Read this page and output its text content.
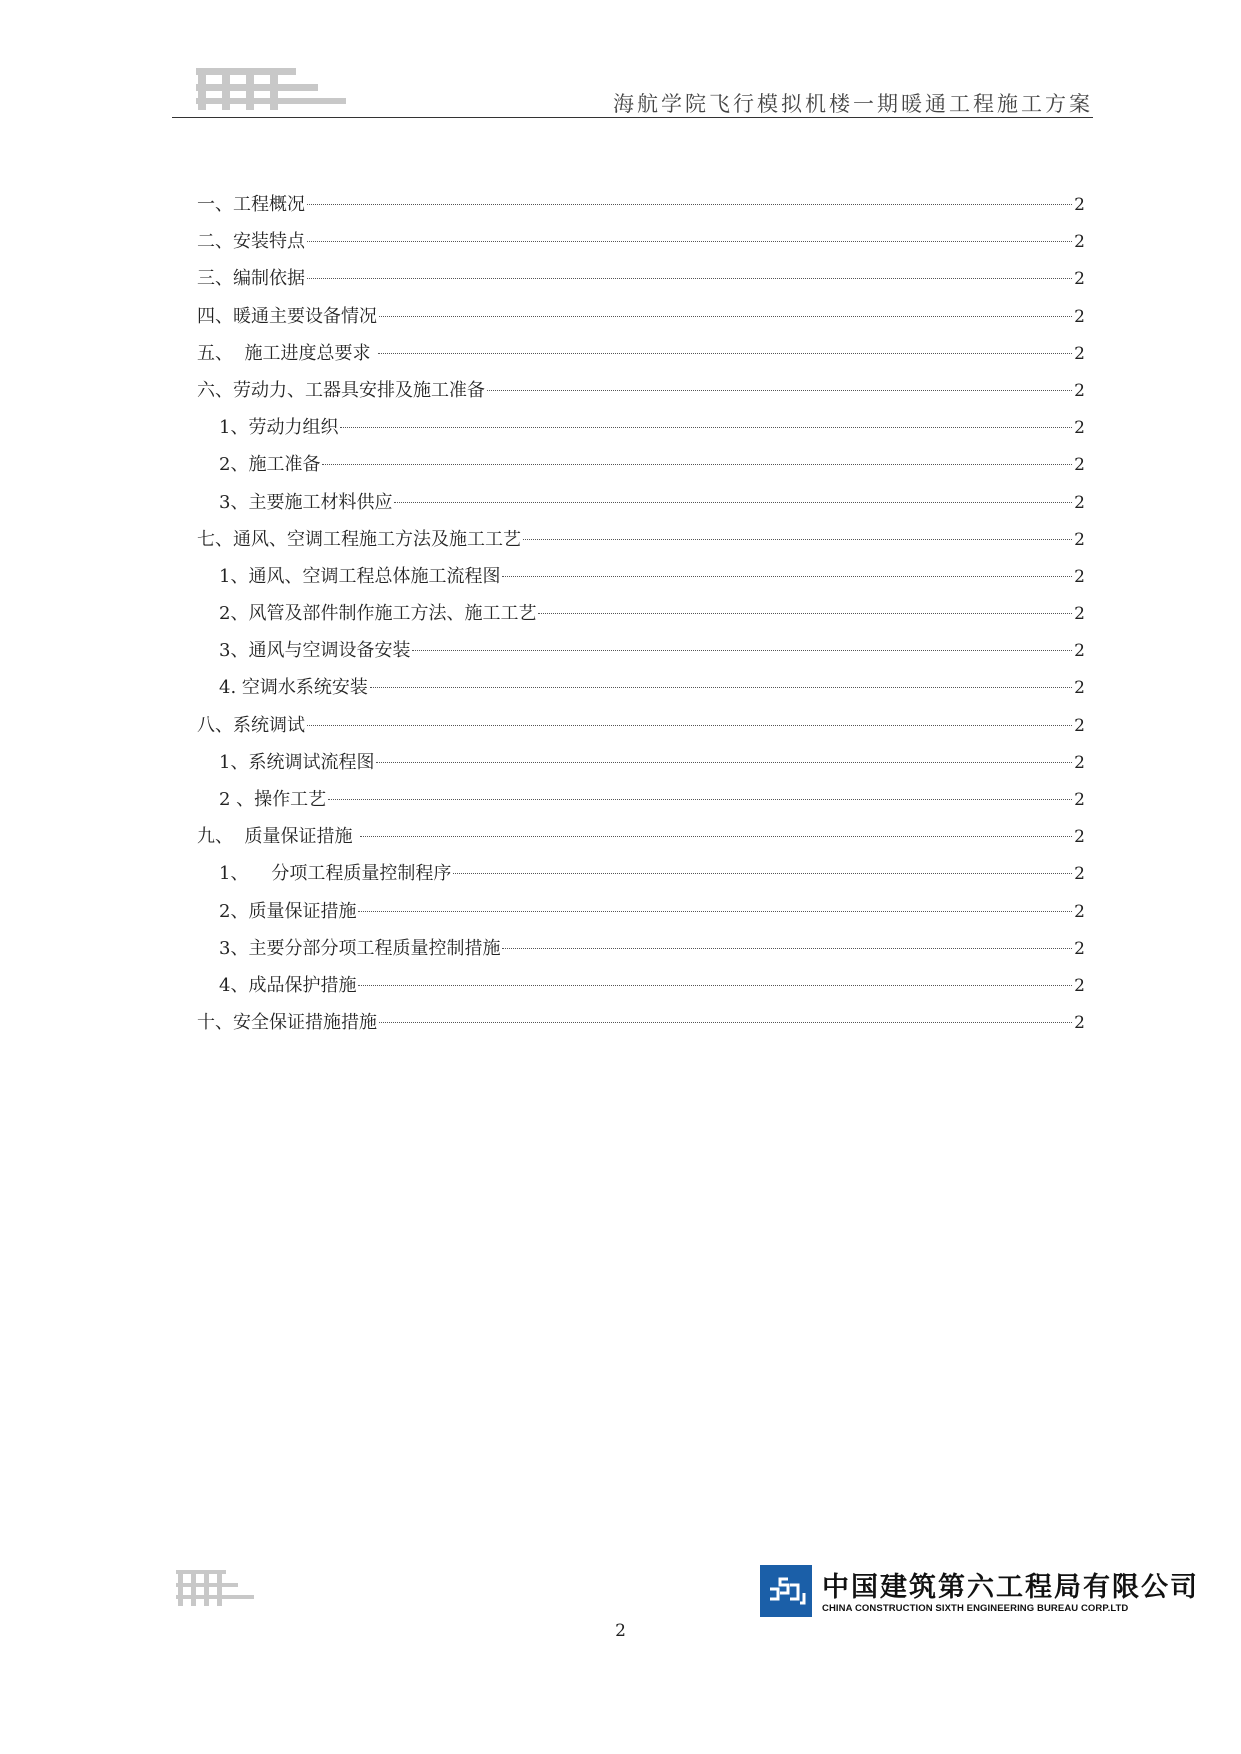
海航学院飞行模拟机楼一期暖通工程施工方案
一、工程概况	2
二、安装特点	2
三、编制依据	2
四、暖通主要设备情况	2
五、  施工进度总要求	2
六、劳动力、工器具安排及施工准备	2
1、劳动力组织	2
2、施工准备	2
3、主要施工材料供应	2
七、通风、空调工程施工方法及施工工艺	2
1、通风、空调工程总体施工流程图	2
2、风管及部件制作施工方法、施工工艺	2
3、通风与空调设备安装	2
4. 空调水系统安装	2
八、系统调试	2
1、系统调试流程图	2
2 、操作工艺	2
九、  质量保证措施	2
1、    分项工程质量控制程序	2
2、质量保证措施	2
3、主要分部分项工程质量控制措施	2
4、成品保护措施	2
十、安全保证措施措施	2
中国建筑第六工程局有限公司
CHINA CONSTRUCTION SIXTH ENGINEERING BUREAU CORP.LTD
2
